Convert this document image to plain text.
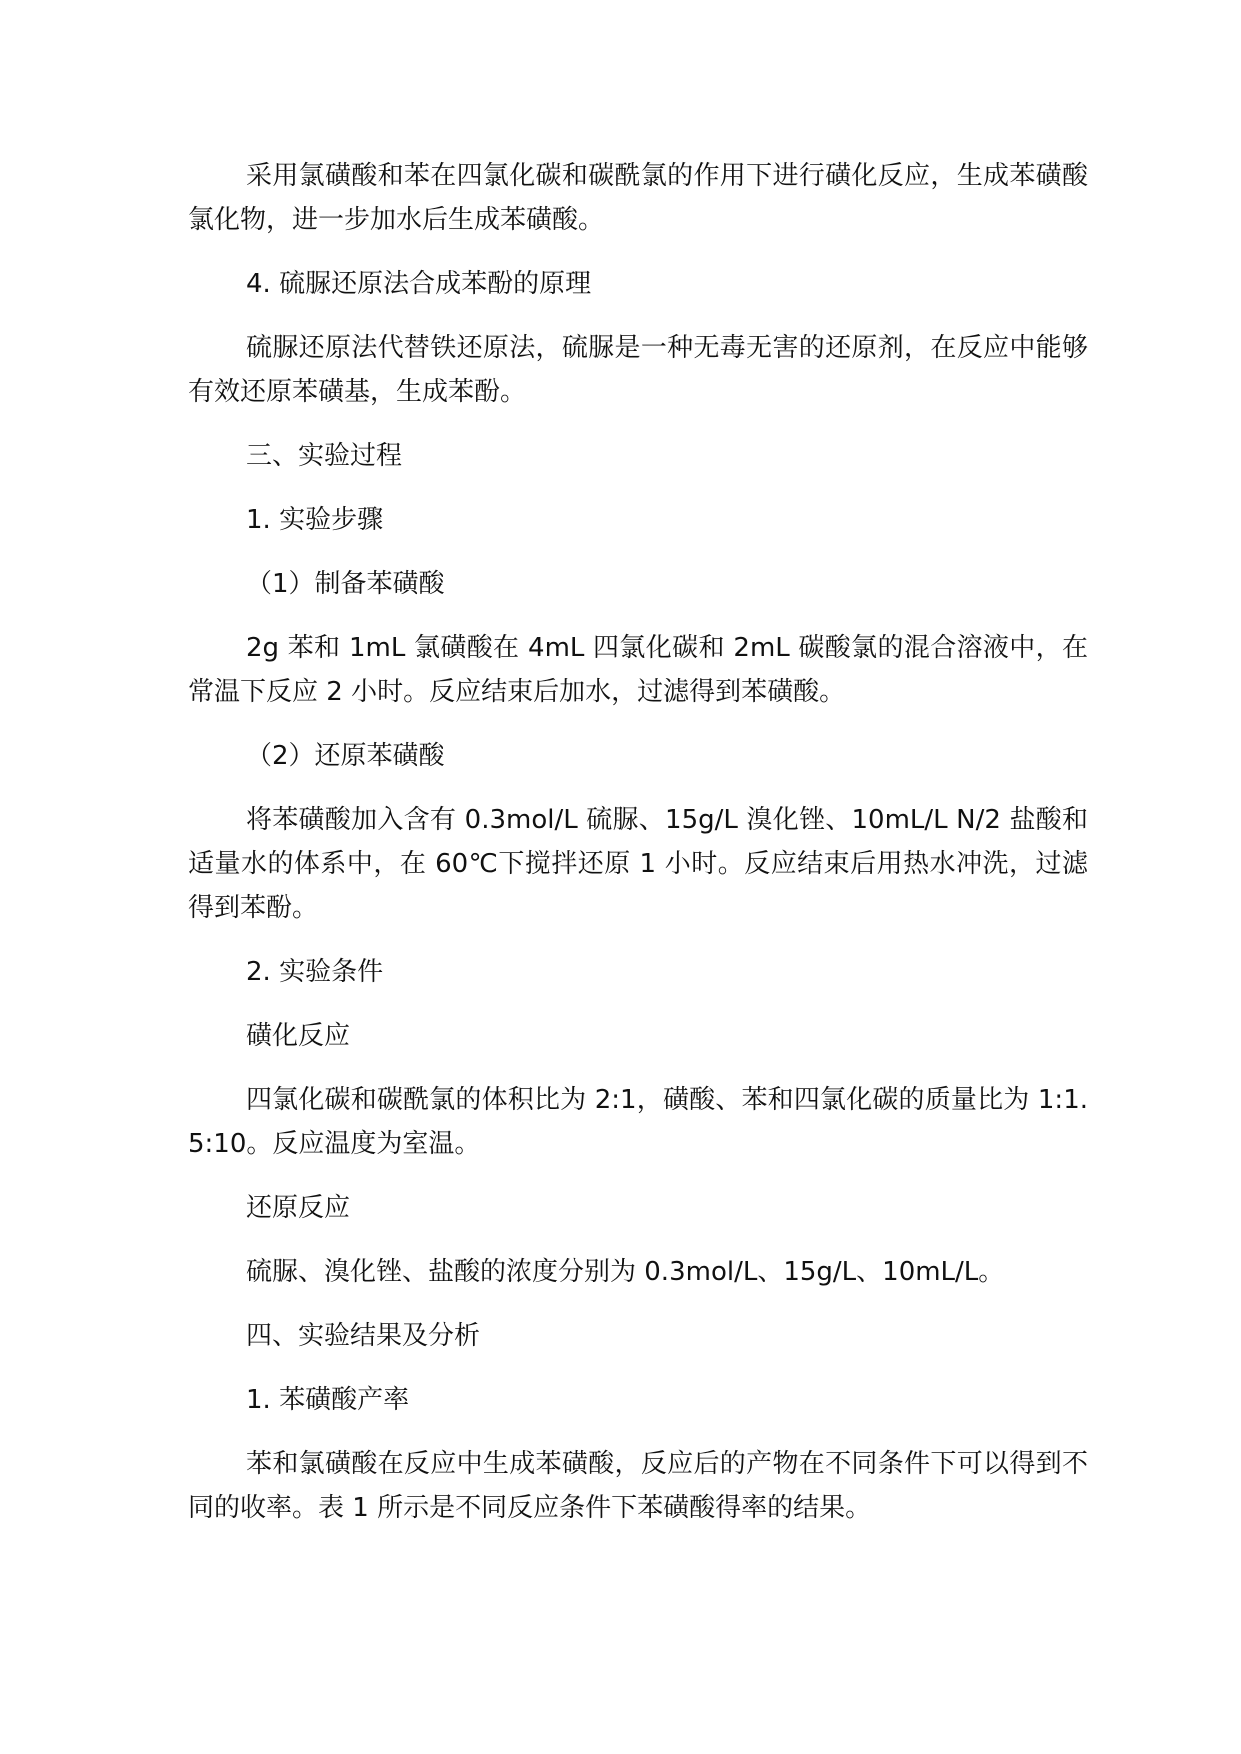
采用氯磺酸和苯在四氯化碳和碳酰氯的作用下进行磺化反应，生成苯磺酸氯化物，进一步加水后生成苯磺酸。

4. 硫脲还原法合成苯酚的原理

硫脲还原法代替铁还原法，硫脲是一种无毒无害的还原剂，在反应中能够有效还原苯磺基，生成苯酚。

三、实验过程

1. 实验步骤

（1）制备苯磺酸

2g 苯和 1mL 氯磺酸在 4mL 四氯化碳和 2mL 碳酸氯的混合溶液中，在常温下反应 2 小时。反应结束后加水，过滤得到苯磺酸。

（2）还原苯磺酸

将苯磺酸加入含有 0.3mol/L 硫脲、15g/L 溴化锉、10mL/L N/2 盐酸和适量水的体系中，在 60℃下搅拌还原 1 小时。反应结束后用热水冲洗，过滤得到苯酚。

2. 实验条件

磺化反应

四氯化碳和碳酰氯的体积比为 2:1，磺酸、苯和四氯化碳的质量比为 1:1.5:10。反应温度为室温。

还原反应

硫脲、溴化锉、盐酸的浓度分别为 0.3mol/L、15g/L、10mL/L。

四、实验结果及分析

1. 苯磺酸产率

苯和氯磺酸在反应中生成苯磺酸，反应后的产物在不同条件下可以得到不同的收率。表 1 所示是不同反应条件下苯磺酸得率的结果。
